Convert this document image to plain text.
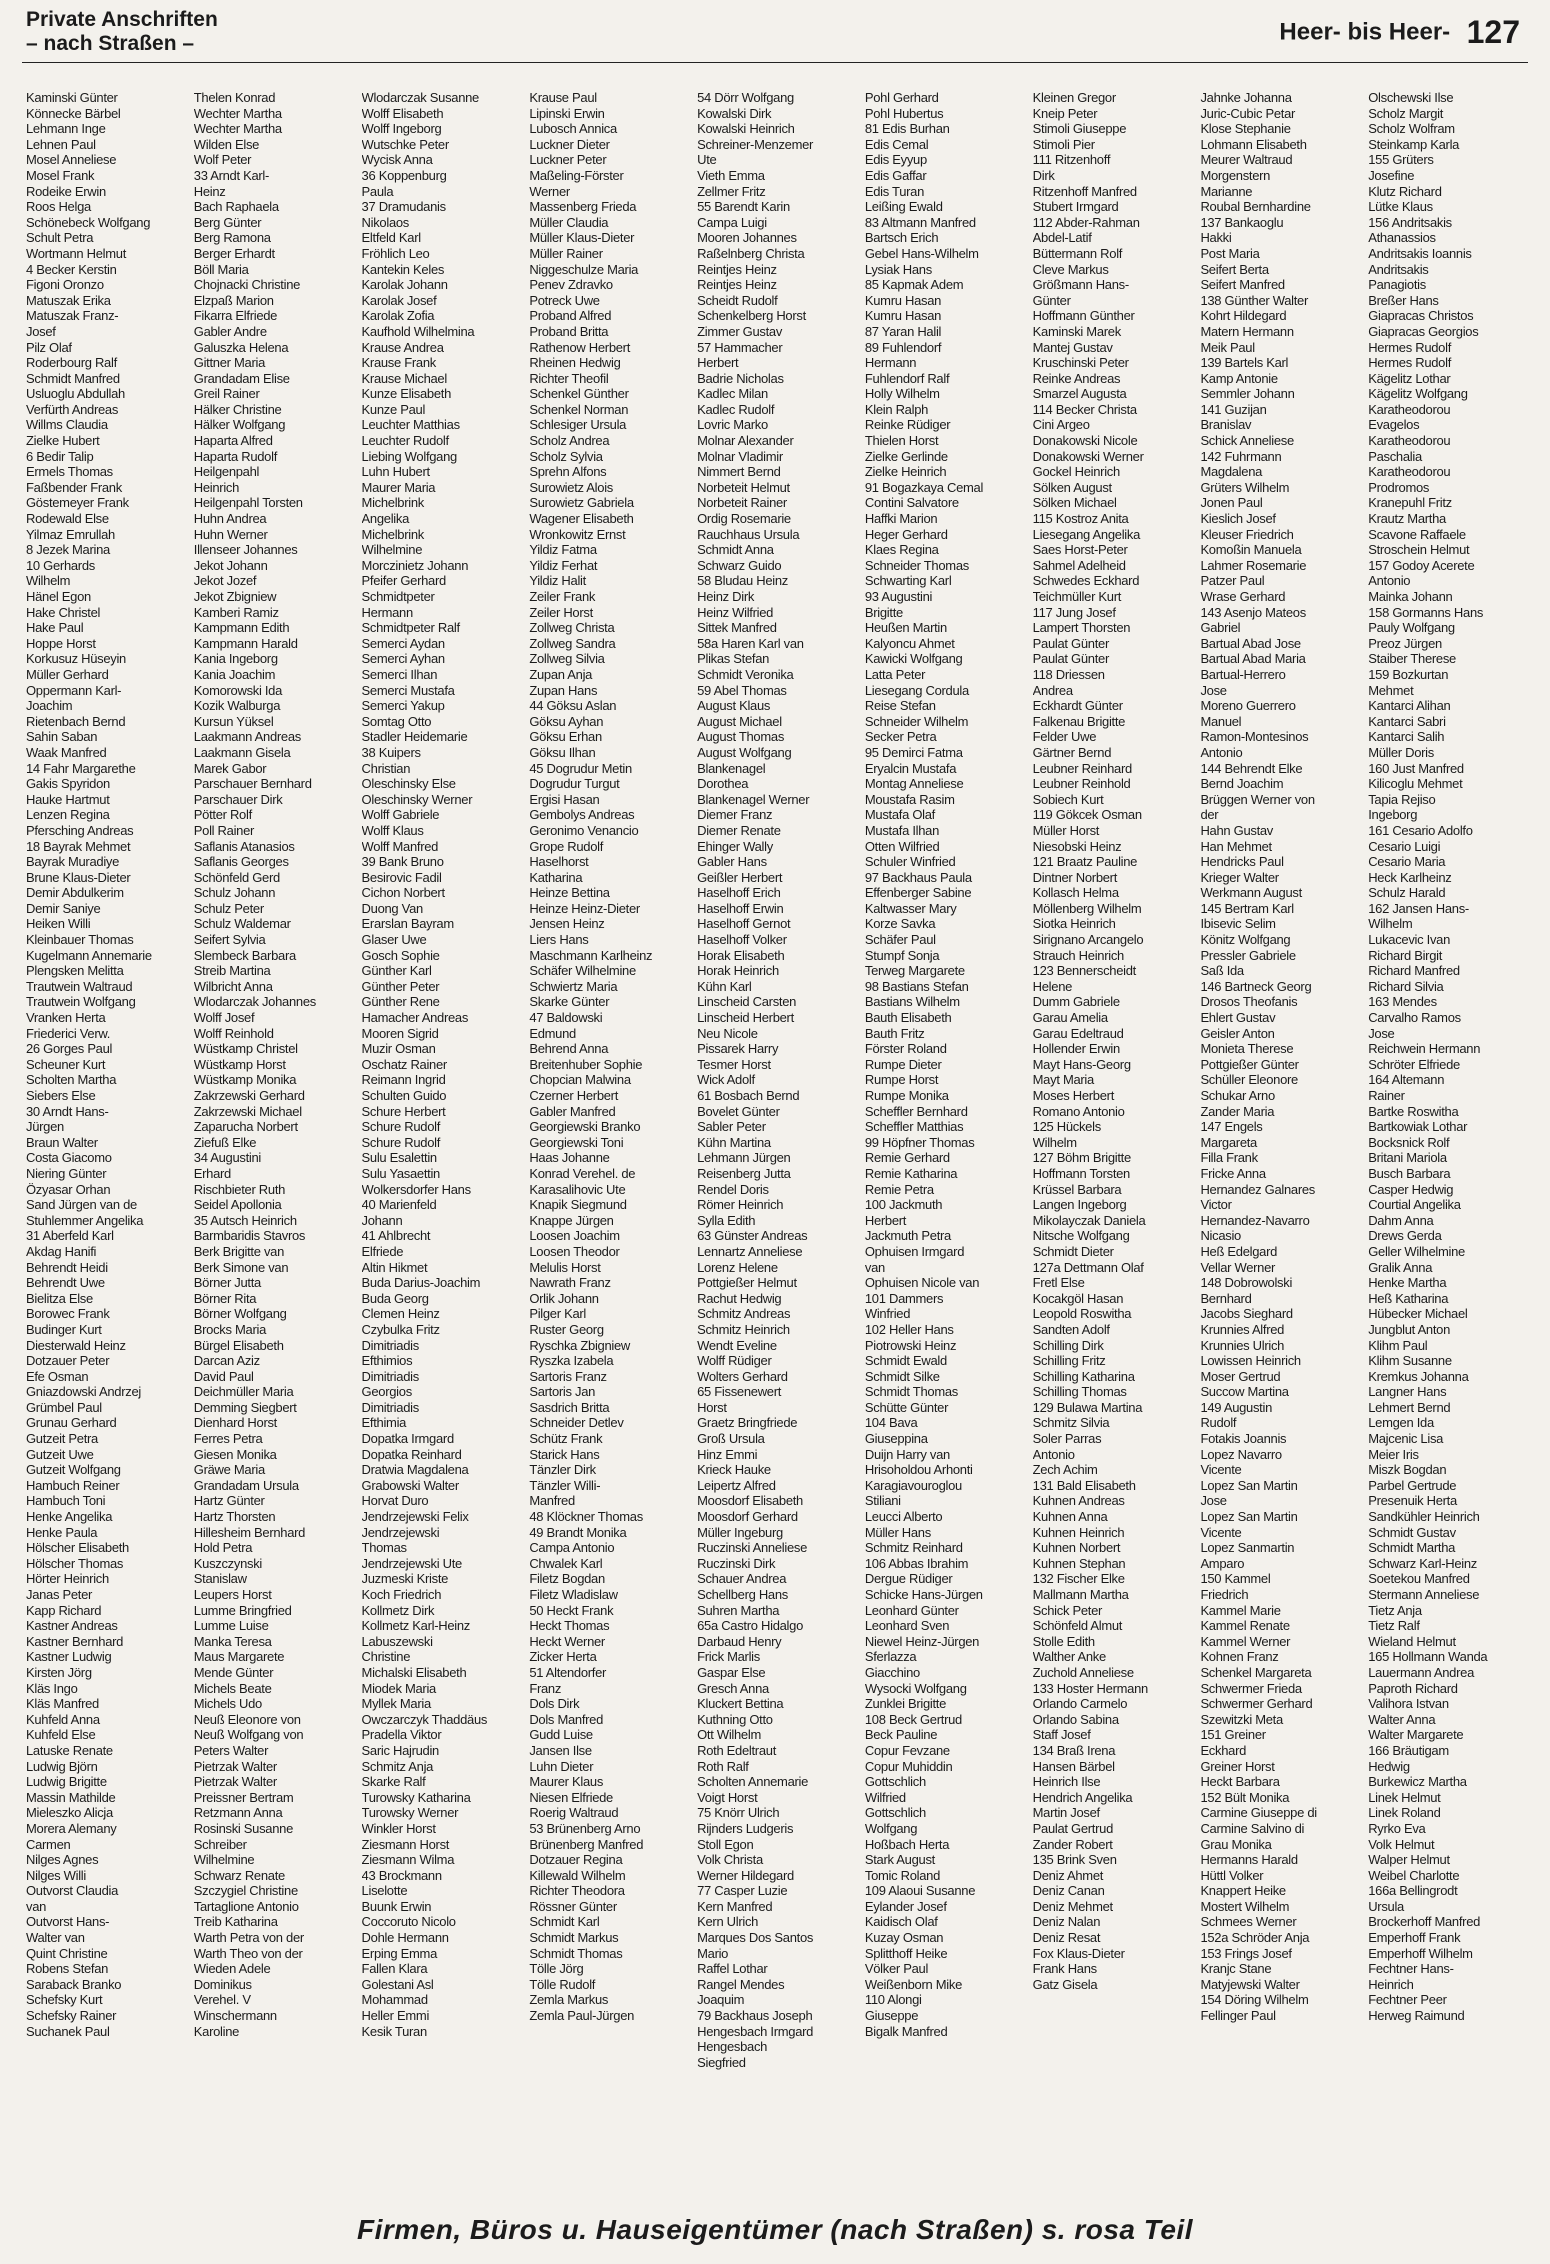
Private Anschriften
– nach Straßen –	Heer- bis Heer- 127
Kaminski Günter
Könnecke Bärbel
Lehmann Inge
Lehnen Paul
Mosel Anneliese
Mosel Frank
Rodeike Erwin
Roos Helga
Schönebeck Wolfgang
Schult Petra
Wortmann Helmut
4 Becker Kerstin
Figoni Oronzo
Matuszak Erika
Matuszak Franz-
Josef
Pilz Olaf
Roderbourg Ralf
Schmidt Manfred
Usluoglu Abdullah
Verfürth Andreas
Willms Claudia
Zielke Hubert
6 Bedir Talip
Ermels Thomas
Faßbender Frank
Göstemeyer Frank
Rodewald Else
Yilmaz Emrullah
8 Jezek Marina
10 Gerhards
Wilhelm
Hänel Egon
Hake Christel
Hake Paul
Hoppe Horst
Korkusuz Hüseyin
Müller Gerhard
Oppermann Karl-
Joachim
Rietenbach Bernd
Sahin Saban
Waak Manfred
14 Fahr Margarethe
Gakis Spyridon
Hauke Hartmut
Lenzen Regina
Pfersching Andreas
18 Bayrak Mehmet
Bayrak Muradiye
Brune Klaus-Dieter
Demir Abdulkerim
Demir Saniye
Heiken Willi
Kleinbauer Thomas
Kugelmann Annemarie
Plengsken Melitta
Trautwein Waltraud
Trautwein Wolfgang
Vranken Herta
Friederici Verw.
26 Gorges Paul
Scheuner Kurt
Scholten Martha
Siebers Else
30 Arndt Hans-
Jürgen
Braun Walter
Costa Giacomo
Niering Günter
Özyasar Orhan
Sand Jürgen van de
Stuhlemmer Angelika
31 Aberfeld Karl
Akdag Hanifi
Behrendt Heidi
Behrendt Uwe
Bielitza Else
Borowec Frank
Budinger Kurt
Diesterwald Heinz
Dotzauer Peter
Efe Osman
Gniazdowski Andrzej
Grümbel Paul
Grunau Gerhard
Gutzeit Petra
Gutzeit Uwe
Gutzeit Wolfgang
Hambuch Reiner
Hambuch Toni
Henke Angelika
Henke Paula
Hölscher Elisabeth
Hölscher Thomas
Hörter Heinrich
Janas Peter
Kapp Richard
Kastner Andreas
Kastner Bernhard
Kastner Ludwig
Kirsten Jörg
Kläs Ingo
Kläs Manfred
Kuhfeld Anna
Kuhfeld Else
Latuske Renate
Ludwig Björn
Ludwig Brigitte
Massin Mathilde
Mieleszko Alicja
Morera Alemany
Carmen
Nilges Agnes
Nilges Willi
Outvorst Claudia
van
Outvorst Hans-
Walter van
Quint Christine
Robens Stefan
Saraback Branko
Schefsky Kurt
Schefsky Rainer
Suchanek Paul
Thelen Konrad
Wechter Martha
Wechter Martha
Wilden Else
Wolf Peter
33 Arndt Karl-
Heinz
Bach Raphaela
Berg Günter
Berg Ramona
Berger Erhardt
Böll Maria
Chojnacki Christine
Elzpaß Marion
Fikarra Elfriede
Gabler Andre
Galuszka Helena
Gittner Maria
Grandadam Elise
Greil Rainer
Hälker Christine
Hälker Wolfgang
Haparta Alfred
Haparta Rudolf
Heilgenpahl
Heinrich
Heilgenpahl Torsten
Huhn Andrea
Huhn Werner
Illenseer Johannes
Jekot Johann
Jekot Jozef
Jekot Zbigniew
Kamberi Ramiz
Kampmann Edith
Kampmann Harald
Kania Ingeborg
Kania Joachim
Komorowski Ida
Kozik Walburga
Kursun Yüksel
Laakmann Andreas
Laakmann Gisela
Marek Gabor
Parschauer Bernhard
Parschauer Dirk
Pötter Rolf
Poll Rainer
Saflanis Atanasios
Saflanis Georges
Schönfeld Gerd
Schulz Johann
Schulz Peter
Schulz Waldemar
Seifert Sylvia
Slembeck Barbara
Streib Martina
Wilbricht Anna
Wlodarczak Johannes
Wolff Josef
Wolff Reinhold
Wüstkamp Christel
Wüstkamp Horst
Wüstkamp Monika
Zakrzewski Gerhard
Zakrzewski Michael
Zaparucha Norbert
Ziefuß Elke
34 Augustini
Erhard
Rischbieter Ruth
Seidel Apollonia
35 Autsch Heinrich
Barmbaridis Stavros
Berk Brigitte van
Berk Simone van
Börner Jutta
Börner Rita
Börner Wolfgang
Brocks Maria
Bürgel Elisabeth
Darcan Aziz
David Paul
Deichmüller Maria
Demming Siegbert
Dienhard Horst
Ferres Petra
Giesen Monika
Gräwe Maria
Grandadam Ursula
Hartz Günter
Hartz Thorsten
Hillesheim Bernhard
Hold Petra
Kuszczynski
Stanislaw
Leupers Horst
Lumme Bringfried
Lumme Luise
Manka Teresa
Maus Margarete
Mende Günter
Michels Beate
Michels Udo
Neuß Eleonore von
Neuß Wolfgang von
Peters Walter
Pietrzak Walter
Pietrzak Walter
Preissner Bertram
Retzmann Anna
Rosinski Susanne
Schreiber
Wilhelmine
Schwarz Renate
Szczygiel Christine
Tartaglione Antonio
Treib Katharina
Warth Petra von der
Warth Theo von der
Wieden Adele
Dominikus
Verehel. V
Winschermann
Karoline
Wlodarczak Susanne
Wolff Elisabeth
Wolff Ingeborg
Wutschke Peter
Wycisk Anna
36 Koppenburg
Paula
37 Dramudanis
Nikolaos
Eltfeld Karl
Fröhlich Leo
Kantekin Keles
Karolak Johann
Karolak Josef
Karolak Zofia
Kaufhold Wilhelmina
Krause Andrea
Krause Frank
Krause Michael
Kunze Elisabeth
Kunze Paul
Leuchter Matthias
Leuchter Rudolf
Liebing Wolfgang
Luhn Hubert
Maurer Maria
Michelbrink
Angelika
Michelbrink
Wilhelmine
Morczinietz Johann
Pfeifer Gerhard
Schmidtpeter
Hermann
Schmidtpeter Ralf
Semerci Aydan
Semerci Ayhan
Semerci Ilhan
Semerci Mustafa
Semerci Yakup
Somtag Otto
Stadler Heidemarie
38 Kuipers
Christian
Oleschinsky Else
Oleschinsky Werner
Wolff Gabriele
Wolff Klaus
Wolff Manfred
39 Bank Bruno
Besirovic Fadil
Cichon Norbert
Duong Van
Erarslan Bayram
Glaser Uwe
Gosch Sophie
Günther Karl
Günther Peter
Günther Rene
Hamacher Andreas
Mooren Sigrid
Muzir Osman
Oschatz Rainer
Reimann Ingrid
Schulten Guido
Schure Herbert
Schure Rudolf
Schure Rudolf
Sulu Esalettin
Sulu Yasaettin
Wolkersdorfer Hans
40 Marienfeld
Johann
41 Ahlbrecht
Elfriede
Altin Hikmet
Buda Darius-Joachim
Buda Georg
Clemen Heinz
Czybulka Fritz
Dimitriadis
Efthimios
Dimitriadis
Georgios
Dimitriadis
Efthimia
Dopatka Irmgard
Dopatka Reinhard
Dratwia Magdalena
Grabowski Walter
Horvat Duro
Jendrzejewski Felix
Jendrzejewski
Thomas
Jendrzejewski Ute
Juzmeski Kriste
Koch Friedrich
Kollmetz Dirk
Kollmetz Karl-Heinz
Labuszewski
Christine
Michalski Elisabeth
Miodek Maria
Myllek Maria
Owczarczyk Thaddäus
Pradella Viktor
Saric Hajrudin
Schmitz Anja
Skarke Ralf
Turowsky Katharina
Turowsky Werner
Winkler Horst
Ziesmann Horst
Ziesmann Wilma
43 Brockmann
Liselotte
Buunk Erwin
Coccoruto Nicolo
Dohle Hermann
Erping Emma
Fallen Klara
Golestani Asl
Mohammad
Heller Emmi
Kesik Turan
Krause Paul
Lipinski Erwin
Lubosch Annica
Luckner Dieter
Luckner Peter
Maßeling-Förster
Werner
Massenberg Frieda
Müller Claudia
Müller Klaus-Dieter
Müller Rainer
Niggeschulze Maria
Penev Zdravko
Potreck Uwe
Proband Alfred
Proband Britta
Rathenow Herbert
Rheinen Hedwig
Richter Theofil
Schenkel Günther
Schenkel Norman
Schlesiger Ursula
Scholz Andrea
Scholz Sylvia
Sprehn Alfons
Surowietz Alois
Surowietz Gabriela
Wagener Elisabeth
Wronkowitz Ernst
Yildiz Fatma
Yildiz Ferhat
Yildiz Halit
Zeiler Frank
Zeiler Horst
Zollweg Christa
Zollweg Sandra
Zollweg Silvia
Zupan Anja
Zupan Hans
44 Göksu Aslan
Göksu Ayhan
Göksu Erhan
Göksu Ilhan
45 Dogrudur Metin
Dogrudur Turgut
Ergisi Hasan
Gembolys Andreas
Geronimo Venancio
Grope Rudolf
Haselhorst
Katharina
Heinze Bettina
Heinze Heinz-Dieter
Jensen Heinz
Liers Hans
Maschmann Karlheinz
Schäfer Wilhelmine
Schwiertz Maria
Skarke Günter
47 Baldowski
Edmund
Behrend Anna
Breitenhuber Sophie
Chopcian Malwina
Czerner Herbert
Gabler Manfred
Georgiewski Branko
Georgiewski Toni
Haas Johanne
Konrad Verehel. de
Karasalihovic Ute
Knapik Siegmund
Knappe Jürgen
Loosen Joachim
Loosen Theodor
Melulis Horst
Nawrath Franz
Orlik Johann
Pilger Karl
Ruster Georg
Ryschka Zbigniew
Ryszka Izabela
Sartoris Franz
Sartoris Jan
Sasdrich Britta
Schneider Detlev
Schütz Frank
Starick Hans
Tänzler Dirk
Tänzler Willi-
Manfred
48 Klöckner Thomas
49 Brandt Monika
Campa Antonio
Chwalek Karl
Filetz Bogdan
Filetz Wladislaw
50 Heckt Frank
Heckt Thomas
Heckt Werner
Zicker Herta
51 Altendorfer
Franz
Dols Dirk
Dols Manfred
Gudd Luise
Jansen Ilse
Luhn Dieter
Maurer Klaus
Niesen Elfriede
Roerig Waltraud
53 Brünenberg Arno
Brünenberg Manfred
Dotzauer Regina
Killewald Wilhelm
Richter Theodora
Rössner Günter
Schmidt Karl
Schmidt Markus
Schmidt Thomas
Tölle Jörg
Tölle Rudolf
Zemla Markus
Zemla Paul-Jürgen
54 Dörr Wolfgang
Kowalski Dirk
Kowalski Heinrich
Schreiner-Menzemer
Ute
Vieth Emma
Zellmer Fritz
55 Barendt Karin
Campa Luigi
Mooren Johannes
Raßelnberg Christa
Reintjes Heinz
Reintjes Heinz
Scheidt Rudolf
Schenkelberg Horst
Zimmer Gustav
57 Hammacher
Herbert
Badrie Nicholas
Kadlec Milan
Kadlec Rudolf
Lovric Marko
Molnar Alexander
Molnar Vladimir
Nimmert Bernd
Norbeteit Helmut
Norbeteit Rainer
Ordig Rosemarie
Rauchhaus Ursula
Schmidt Anna
Schwarz Guido
58 Bludau Heinz
Heinz Dirk
Heinz Wilfried
Sittek Manfred
58a Haren Karl van
Plikas Stefan
Schmidt Veronika
59 Abel Thomas
August Klaus
August Michael
August Thomas
August Wolfgang
Blankenagel
Dorothea
Blankenagel Werner
Diemer Franz
Diemer Renate
Ehinger Wally
Gabler Hans
Geißler Herbert
Haselhoff Erich
Haselhoff Erwin
Haselhoff Gernot
Haselhoff Volker
Horak Elisabeth
Horak Heinrich
Kühn Karl
Linscheid Carsten
Linscheid Herbert
Neu Nicole
Pissarek Harry
Tesmer Horst
Wick Adolf
61 Bosbach Bernd
Bovelet Günter
Sabler Peter
Kühn Martina
Lehmann Jürgen
Reisenberg Jutta
Rendel Doris
Römer Heinrich
Sylla Edith
63 Günster Andreas
Lennartz Anneliese
Lorenz Helene
Pottgießer Helmut
Rachut Hedwig
Schmitz Andreas
Schmitz Heinrich
Wendt Eveline
Wolff Rüdiger
Wolters Gerhard
65 Fissenewert
Horst
Graetz Bringfriede
Groß Ursula
Hinz Emmi
Krieck Hauke
Leipertz Alfred
Moosdorf Elisabeth
Moosdorf Gerhard
Müller Ingeburg
Ruczinski Anneliese
Ruczinski Dirk
Schauer Andrea
Schellberg Hans
Suhren Martha
65a Castro Hidalgo
Darbaud Henry
Frick Marlis
Gaspar Else
Gresch Anna
Kluckert Bettina
Kuthning Otto
Ott Wilhelm
Roth Edeltraut
Roth Ralf
Scholten Annemarie
Voigt Horst
75 Knörr Ulrich
Rijnders Ludgeris
Stoll Egon
Volk Christa
Werner Hildegard
77 Casper Luzie
Kern Manfred
Kern Ulrich
Marques Dos Santos
Mario
Raffel Lothar
Rangel Mendes
Joaquim
79 Backhaus Joseph
Hengesbach Irmgard
Hengesbach
Siegfried
Pohl Gerhard
Pohl Hubertus
81 Edis Burhan
Edis Cemal
Edis Eyyup
Edis Gaffar
Edis Turan
Leißing Ewald
83 Altmann Manfred
Bartsch Erich
Gebel Hans-Wilhelm
Lysiak Hans
85 Kapmak Adem
Kumru Hasan
Kumru Hasan
87 Yaran Halil
89 Fuhlendorf
Hermann
Fuhlendorf Ralf
Holly Wilhelm
Klein Ralph
Reinke Rüdiger
Thielen Horst
Zielke Gerlinde
Zielke Heinrich
91 Bogazkaya Cemal
Contini Salvatore
Haffki Marion
Heger Gerhard
Klaes Regina
Schneider Thomas
Schwarting Karl
93 Augustini
Brigitte
Heußen Martin
Kalyoncu Ahmet
Kawicki Wolfgang
Latta Peter
Liesegang Cordula
Reise Stefan
Schneider Wilhelm
Secker Petra
95 Demirci Fatma
Eryalcin Mustafa
Montag Anneliese
Moustafa Rasim
Mustafa Olaf
Mustafa Ilhan
Otten Wilfried
Schuler Winfried
97 Backhaus Paula
Effenberger Sabine
Kaltwasser Mary
Korze Savka
Schäfer Paul
Stumpf Sonja
Terweg Margarete
98 Bastians Stefan
Bastians Wilhelm
Bauth Elisabeth
Bauth Fritz
Förster Roland
Rumpe Dieter
Rumpe Horst
Rumpe Monika
Scheffler Bernhard
Scheffler Matthias
99 Höpfner Thomas
Remie Gerhard
Remie Katharina
Remie Petra
100 Jackmuth
Herbert
Jackmuth Petra
Ophuisen Irmgard
van
Ophuisen Nicole van
101 Dammers
Winfried
102 Heller Hans
Piotrowski Heinz
Schmidt Ewald
Schmidt Silke
Schmidt Thomas
Schütte Günter
104 Bava
Giuseppina
Duijn Harry van
Hrisoholdou Arhonti
Karagiavouroglou
Stiliani
Leucci Alberto
Müller Hans
Schmitz Reinhard
106 Abbas Ibrahim
Dergue Rüdiger
Schicke Hans-Jürgen
Leonhard Günter
Leonhard Sven
Niewel Heinz-Jürgen
Sferlazza
Giacchino
Wysocki Wolfgang
Zunklei Brigitte
108 Beck Gertrud
Beck Pauline
Copur Fevzane
Copur Muhiddin
Gottschlich
Wilfried
Gottschlich
Wolfgang
Hoßbach Herta
Stark August
Tomic Roland
109 Alaoui Susanne
Eylander Josef
Kaidisch Olaf
Kuzay Osman
Splitthoff Heike
Völker Paul
Weißenborn Mike
110 Alongi
Giuseppe
Bigalk Manfred
Kleinen Gregor
Kneip Peter
Stimoli Giuseppe
Stimoli Pier
111 Ritzenhoff
Dirk
Ritzenhoff Manfred
Stubert Irmgard
112 Abder-Rahman
Abdel-Latif
Büttermann Rolf
Cleve Markus
Größmann Hans-
Günter
Hoffmann Günther
Kaminski Marek
Mantej Gustav
Kruschinski Peter
Reinke Andreas
Smarzel Augusta
114 Becker Christa
Cini Argeo
Donakowski Nicole
Donakowski Werner
Gockel Heinrich
Sölken August
Sölken Michael
115 Kostroz Anita
Liesegang Angelika
Saes Horst-Peter
Sahmel Adelheid
Schwedes Eckhard
Teichmüller Kurt
117 Jung Josef
Lampert Thorsten
Paulat Günter
Paulat Günter
118 Driessen
Andrea
Eckhardt Günter
Falkenau Brigitte
Felder Uwe
Gärtner Bernd
Leubner Reinhard
Leubner Reinhold
Sobiech Kurt
119 Gökcek Osman
Müller Horst
Niesobski Heinz
121 Braatz Pauline
Dintner Norbert
Kollasch Helma
Möllenberg Wilhelm
Siotka Heinrich
Sirignano Arcangelo
Strauch Heinrich
123 Bennerscheidt
Helene
Dumm Gabriele
Garau Amelia
Garau Edeltraud
Hollender Erwin
Mayt Hans-Georg
Mayt Maria
Moses Herbert
Romano Antonio
125 Hückels
Wilhelm
127 Böhm Brigitte
Hoffmann Torsten
Krüssel Barbara
Langen Ingeborg
Mikolayczak Daniela
Nitsche Wolfgang
Schmidt Dieter
127a Dettmann Olaf
Fretl Else
Kocakgöl Hasan
Leopold Roswitha
Sandten Adolf
Schilling Dirk
Schilling Fritz
Schilling Katharina
Schilling Thomas
129 Bulawa Martina
Schmitz Silvia
Soler Parras
Antonio
Zech Achim
131 Bald Elisabeth
Kuhnen Andreas
Kuhnen Anna
Kuhnen Heinrich
Kuhnen Norbert
Kuhnen Stephan
132 Fischer Elke
Mallmann Martha
Schick Peter
Schönfeld Almut
Stolle Edith
Walther Anke
Zuchold Anneliese
133 Hoster Hermann
Orlando Carmelo
Orlando Sabina
Staff Josef
134 Braß Irena
Hansen Bärbel
Heinrich Ilse
Hendrich Angelika
Martin Josef
Paulat Gertrud
Zander Robert
135 Brink Sven
Deniz Ahmet
Deniz Canan
Deniz Mehmet
Deniz Nalan
Deniz Resat
Fox Klaus-Dieter
Frank Hans
Gatz Gisela
Jahnke Johanna
Juric-Cubic Petar
Klose Stephanie
Lohmann Elisabeth
Meurer Waltraud
Morgenstern
Marianne
Roubal Bernhardine
137 Bankaoglu
Hakki
Post Maria
Seifert Berta
Seifert Manfred
138 Günther Walter
Kohrt Hildegard
Matern Hermann
Meik Paul
139 Bartels Karl
Kamp Antonie
Semmler Johann
141 Guzijan
Branislav
Schick Anneliese
142 Fuhrmann
Magdalena
Grüters Wilhelm
Jonen Paul
Kieslich Josef
Kleuser Friedrich
Komoßin Manuela
Lahmer Rosemarie
Patzer Paul
Wrase Gerhard
143 Asenjo Mateos
Gabriel
Bartual Abad Jose
Bartual Abad Maria
Bartual-Herrero
Jose
Moreno Guerrero
Manuel
Ramon-Montesinos
Antonio
144 Behrendt Elke
Bernd Joachim
Brüggen Werner von
der
Hahn Gustav
Han Mehmet
Hendricks Paul
Krieger Walter
Werkmann August
145 Bertram Karl
Ibisevic Selim
Könitz Wolfgang
Pressler Gabriele
Saß Ida
146 Bartneck Georg
Drosos Theofanis
Ehlert Gustav
Geisler Anton
Monieta Therese
Pottgießer Günter
Schüller Eleonore
Schukar Arno
Zander Maria
147 Engels
Margareta
Filla Frank
Fricke Anna
Hernandez Galnares
Victor
Hernandez-Navarro
Nicasio
Heß Edelgard
Vellar Werner
148 Dobrowolski
Bernhard
Jacobs Sieghard
Krunnies Alfred
Krunnies Ulrich
Lowissen Heinrich
Moser Gertrud
Succow Martina
149 Augustin
Rudolf
Fotakis Joannis
Lopez Navarro
Vicente
Lopez San Martin
Jose
Lopez San Martin
Vicente
Lopez Sanmartin
Amparo
150 Kammel
Friedrich
Kammel Marie
Kammel Renate
Kammel Werner
Kohnen Franz
Schenkel Margareta
Schwermer Frieda
Schwermer Gerhard
Szewitzki Meta
151 Greiner
Eckhard
Greiner Horst
Heckt Barbara
152 Bült Monika
Carmine Giuseppe di
Carmine Salvino di
Grau Monika
Hermanns Harald
Hüttl Volker
Knappert Heike
Mostert Wilhelm
Schmees Werner
152a Schröder Anja
153 Frings Josef
Kranjc Stane
Matyjewski Walter
154 Döring Wilhelm
Fellinger Paul
Olschewski Ilse
Scholz Margit
Scholz Wolfram
Steinkamp Karla
155 Grüters
Josefine
Klutz Richard
Lütke Klaus
156 Andritsakis
Athanassios
Andritsakis Ioannis
Andritsakis
Panagiotis
Breßer Hans
Giapracas Christos
Giapracas Georgios
Hermes Rudolf
Hermes Rudolf
Kägelitz Lothar
Kägelitz Wolfgang
Karatheodorou
Evagelos
Karatheodorou
Paschalia
Karatheodorou
Prodromos
Kranepuhl Fritz
Krautz Martha
Scavone Raffaele
Stroschein Helmut
157 Godoy Acerete
Antonio
Mainka Johann
158 Gormanns Hans
Pauly Wolfgang
Preoz Jürgen
Staiber Therese
159 Bozkurtan
Mehmet
Kantarci Alihan
Kantarci Sabri
Kantarci Salih
Müller Doris
160 Just Manfred
Kilicoglu Mehmet
Tapia Rejiso
Ingeborg
161 Cesario Adolfo
Cesario Luigi
Cesario Maria
Heck Karlheinz
Schulz Harald
162 Jansen Hans-
Wilhelm
Lukacevic Ivan
Richard Birgit
Richard Manfred
Richard Silvia
163 Mendes
Carvalho Ramos
Jose
Reichwein Hermann
Schröter Elfriede
164 Altemann
Rainer
Bartke Roswitha
Bartkowiak Lothar
Bocksnick Rolf
Britani Mariola
Busch Barbara
Casper Hedwig
Courtial Angelika
Dahm Anna
Drews Gerda
Geller Wilhelmine
Gralik Anna
Henke Martha
Heß Katharina
Hübecker Michael
Jungblut Anton
Klihm Paul
Klihm Susanne
Kremkus Johanna
Langner Hans
Lehmert Bernd
Lemgen Ida
Majcenic Lisa
Meier Iris
Miszk Bogdan
Parbel Gertrude
Presenuik Herta
Sandkühler Heinrich
Schmidt Gustav
Schmidt Martha
Schwarz Karl-Heinz
Soetekou Manfred
Stermann Anneliese
Tietz Anja
Tietz Ralf
Wieland Helmut
165 Hollmann Wanda
Lauermann Andrea
Paproth Richard
Valihora Istvan
Walter Anna
Walter Margarete
166 Bräutigam
Hedwig
Burkewicz Martha
Linek Helmut
Linek Roland
Ryrko Eva
Volk Helmut
Walper Helmut
Weibel Charlotte
166a Bellingrodt
Ursula
Brockerhoff Manfred
Emperhoff Frank
Emperhoff Wilhelm
Fechtner Hans-
Heinrich
Fechtner Peer
Herweg Raimund
Firmen, Büros u. Hauseigentümer (nach Straßen) s. rosa Teil
